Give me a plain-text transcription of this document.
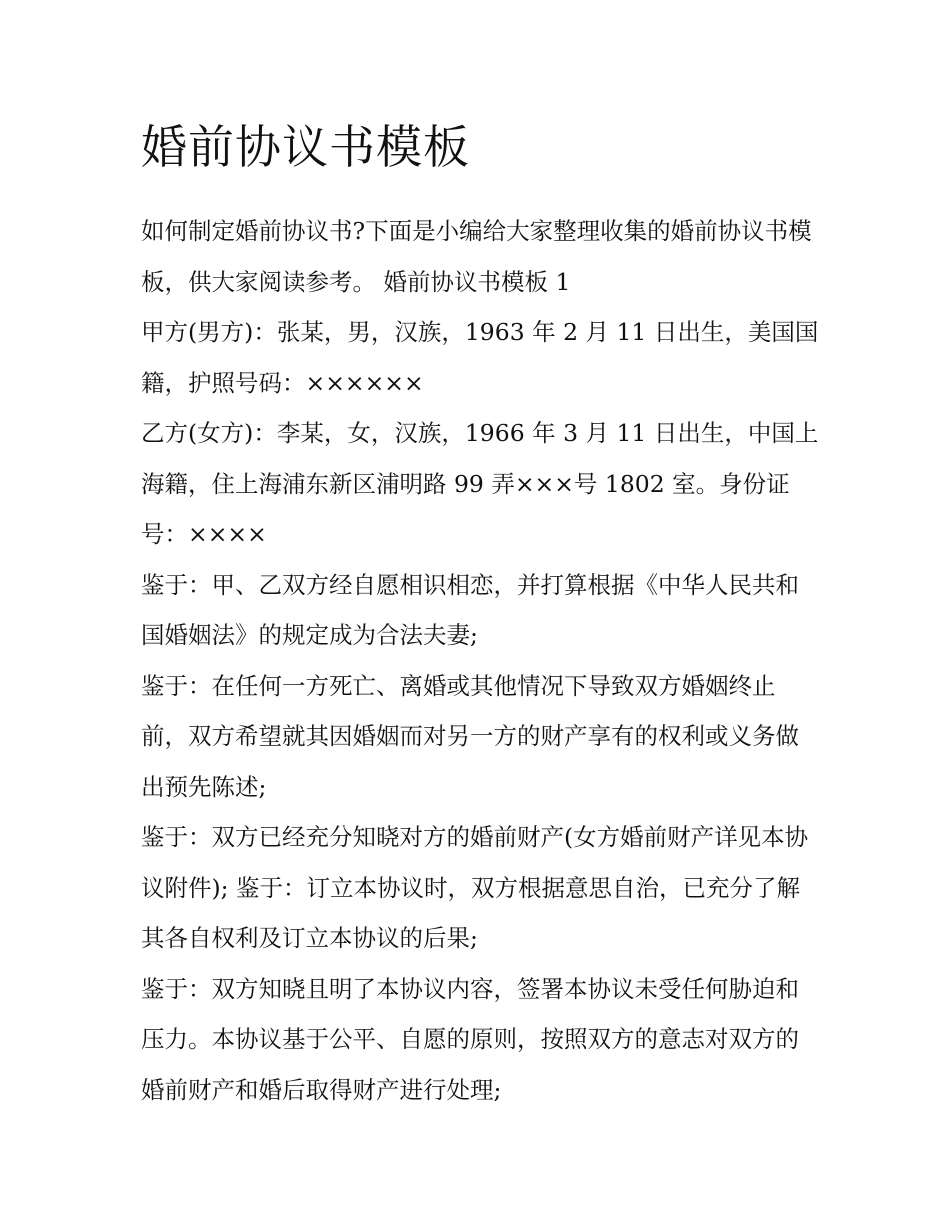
婚前协议书模板

如何制定婚前协议书?下面是小编给大家整理收集的婚前协议书模板，供大家阅读参考。 婚前协议书模板 1

甲方(男方)：张某，男，汉族，1963 年 2 月 11 日出生，美国国籍，护照号码：××××××

乙方(女方)：李某，女，汉族，1966 年 3 月 11 日出生，中国上海籍，住上海浦东新区浦明路 99 弄×××号 1802 室。身份证号：××××

鉴于：甲、乙双方经自愿相识相恋，并打算根据《中华人民共和国婚姻法》的规定成为合法夫妻;

鉴于：在任何一方死亡、离婚或其他情况下导致双方婚姻终止前，双方希望就其因婚姻而对另一方的财产享有的权利或义务做出预先陈述;

鉴于：双方已经充分知晓对方的婚前财产(女方婚前财产详见本协议附件); 鉴于：订立本协议时，双方根据意思自治，已充分了解其各自权利及订立本协议的后果;

鉴于：双方知晓且明了本协议内容，签署本协议未受任何胁迫和压力。本协议基于公平、自愿的原则，按照双方的意志对双方的婚前财产和婚后取得财产进行处理;
